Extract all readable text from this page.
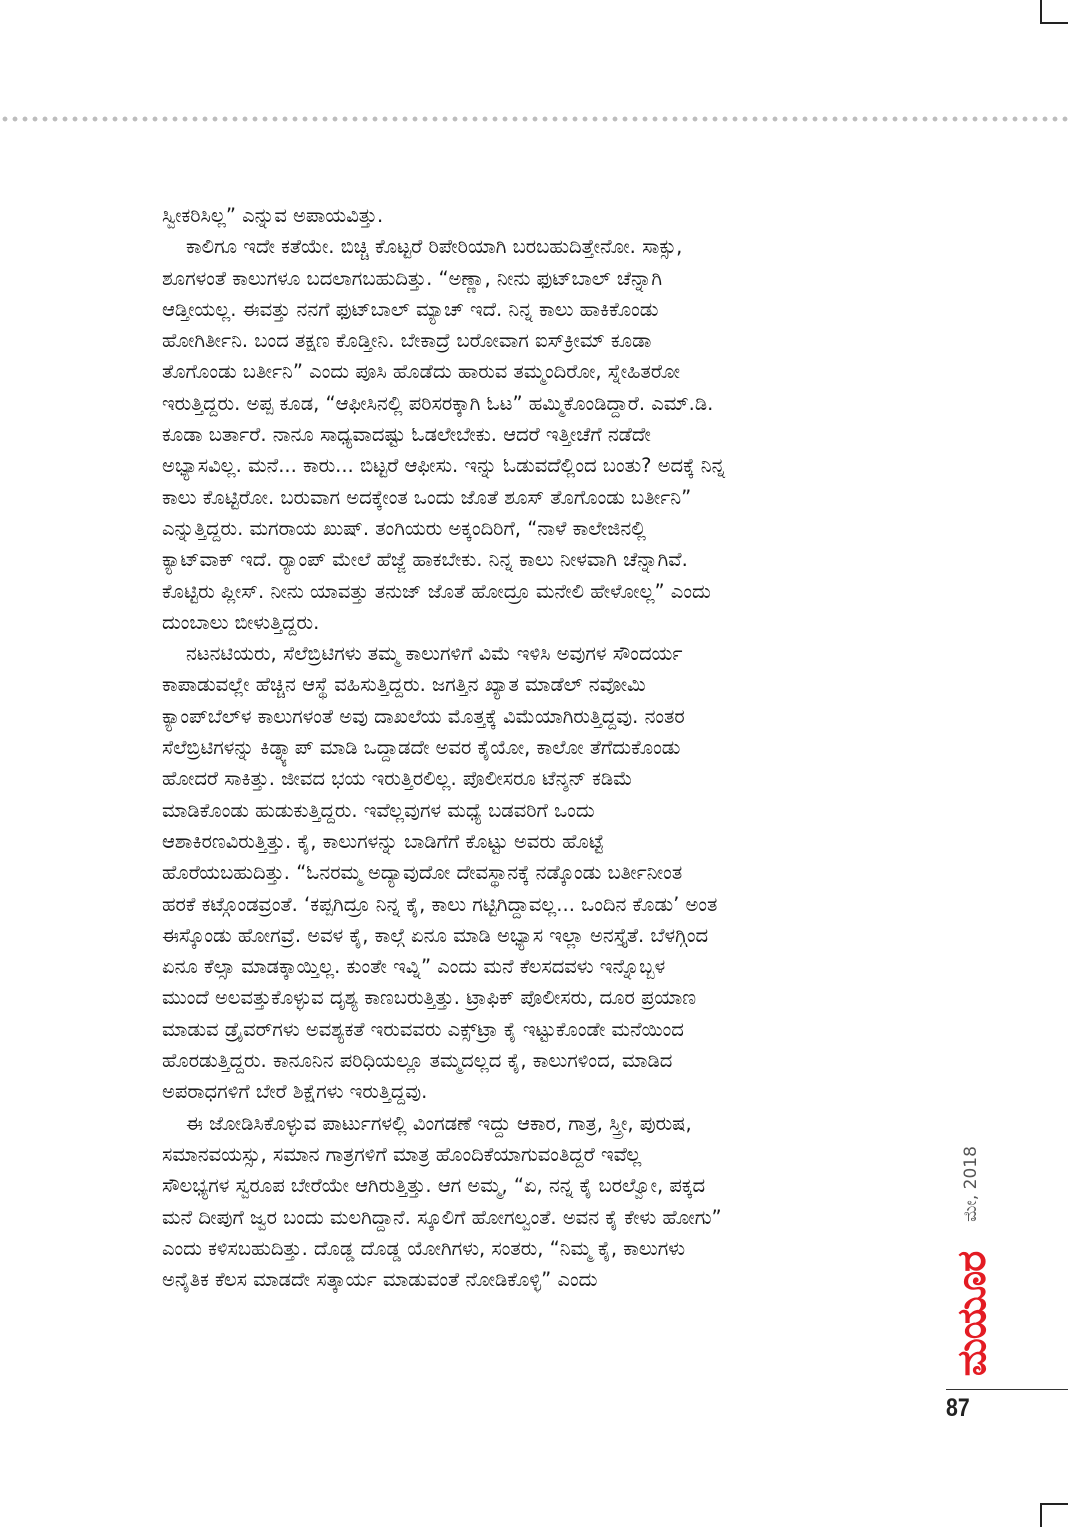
ಸ್ವೀಕರಿಸಿಲ್ಲ” ಎನ್ನುವ ಅಪಾಯವಿತ್ತು.
ಕಾಲಿಗೂ ಇದೇ ಕತೆಯೇ. ಬಿಚ್ಚಿ ಕೊಟ್ಟರೆ ರಿಪೇರಿಯಾಗಿ ಬರಬಹುದಿತ್ತೇನೋ. ಸಾಕ್ಸು,
ಶೂಗಳಂತೆ ಕಾಲುಗಳೂ ಬದಲಾಗಬಹುದಿತ್ತು. “ಅಣ್ಣಾ, ನೀನು ಫುಟ್‌ಬಾಲ್ ಚೆನ್ನಾಗಿ
ಆಡ್ತೀಯಲ್ಲ. ಈವತ್ತು ನನಗೆ ಫುಟ್‌ಬಾಲ್ ಮ್ಯಾಚ್ ಇದೆ. ನಿನ್ನ ಕಾಲು ಹಾಕಿಕೊಂಡು
ಹೋಗಿರ್ತೀನಿ. ಬಂದ ತಕ್ಷಣ ಕೊಡ್ತೀನಿ. ಬೇಕಾದ್ರೆ ಬರೋವಾಗ ಐಸ್‌ಕ್ರೀಮ್ ಕೂಡಾ
ತೊಗೊಂಡು ಬರ್ತೀನಿ” ಎಂದು ಪೂಸಿ ಹೊಡೆದು ಹಾರುವ ತಮ್ಮಂದಿರೋ, ಸ್ನೇಹಿತರೋ
ಇರುತ್ತಿದ್ದರು. ಅಪ್ಪ ಕೂಡ, “ಆಫೀಸಿನಲ್ಲಿ ಪರಿಸರಕ್ಕಾಗಿ ಓಟ” ಹಮ್ಮಿಕೊಂಡಿದ್ದಾರೆ. ಎಮ್.ಡಿ.
ಕೂಡಾ ಬರ್ತಾರೆ. ನಾನೂ ಸಾಧ್ಯವಾದಷ್ಟು ಓಡಲೇಬೇಕು. ಆದರೆ ಇತ್ತೀಚೆಗೆ ನಡೆದೇ
ಅಭ್ಯಾಸವಿಲ್ಲ. ಮನೆ... ಕಾರು... ಬಿಟ್ಟರೆ ಆಫೀಸು. ಇನ್ನು ಓಡುವದೆಲ್ಲಿಂದ ಬಂತು? ಅದಕ್ಕೆ ನಿನ್ನ
ಕಾಲು ಕೊಟ್ಟಿರೋ. ಬರುವಾಗ ಅದಕ್ಕೇಂತ ಒಂದು ಜೊತೆ ಶೂಸ್ ತೊಗೊಂಡು ಬರ್ತೀನಿ”
ಎನ್ನುತ್ತಿದ್ದರು. ಮಗರಾಯ ಖುಷ್. ತಂಗಿಯರು ಅಕ್ಕಂದಿರಿಗೆ, “ನಾಳೆ ಕಾಲೇಜಿನಲ್ಲಿ
ಕ್ಯಾಟ್‌ವಾಕ್ ಇದೆ. ರ್‍ಯಾಂಪ್ ಮೇಲೆ ಹೆಜ್ಜೆ ಹಾಕಬೇಕು. ನಿನ್ನ ಕಾಲು ನೀಳವಾಗಿ ಚೆನ್ನಾಗಿವೆ.
ಕೊಟ್ಟಿರು ಪ್ಲೀಸ್. ನೀನು ಯಾವತ್ತು ತನುಜ್ ಜೊತೆ ಹೋದ್ರೂ ಮನೇಲಿ ಹೇಳೋಲ್ಲ” ಎಂದು
ದುಂಬಾಲು ಬೀಳುತ್ತಿದ್ದರು.
ನಟನಟಿಯರು, ಸೆಲೆಬ್ರಿಟಿಗಳು ತಮ್ಮ ಕಾಲುಗಳಿಗೆ ವಿಮೆ ಇಳಿಸಿ ಅವುಗಳ ಸೌಂದರ್ಯ
ಕಾಪಾಡುವಲ್ಲೇ ಹೆಚ್ಚಿನ ಆಸ್ಥೆ ವಹಿಸುತ್ತಿದ್ದರು. ಜಗತ್ತಿನ ಖ್ಯಾತ ಮಾಡೆಲ್ ನವೋಮಿ
ಕ್ಯಾಂಪ್‌ಬೆಲ್‌ಳ ಕಾಲುಗಳಂತೆ ಅವು ದಾಖಲೆಯ ಮೊತ್ತಕ್ಕೆ ವಿಮೆಯಾಗಿರುತ್ತಿದ್ದವು. ನಂತರ
ಸೆಲೆಬ್ರಿಟಿಗಳನ್ನು ಕಿಡ್ನ್ಯಾಪ್ ಮಾಡಿ ಒದ್ದಾಡದೇ ಅವರ ಕೈಯೋ, ಕಾಲೋ ತೆಗೆದುಕೊಂಡು
ಹೋದರೆ ಸಾಕಿತ್ತು. ಜೀವದ ಭಯ ಇರುತ್ತಿರಲಿಲ್ಲ. ಪೊಲೀಸರೂ ಟೆನ್ಶನ್ ಕಡಿಮೆ
ಮಾಡಿಕೊಂಡು ಹುಡುಕುತ್ತಿದ್ದರು. ಇವೆಲ್ಲವುಗಳ ಮಧ್ಯೆ ಬಡವರಿಗೆ ಒಂದು
ಆಶಾಕಿರಣವಿರುತ್ತಿತ್ತು. ಕೈ, ಕಾಲುಗಳನ್ನು ಬಾಡಿಗೆಗೆ ಕೊಟ್ಟು ಅವರು ಹೊಟ್ಟೆ
ಹೊರೆಯಬಹುದಿತ್ತು. “ಓನರಮ್ಮ ಅದ್ಯಾವುದೋ ದೇವಸ್ಥಾನಕ್ಕೆ ನಡ್ಕೊಂಡು ಬರ್ತೀನೀಂತ
ಹರಕೆ ಕಟ್ಗೊಂಡವ್ರಂತೆ. ‘ಕಪ್ಪಗಿದ್ರೂ ನಿನ್ನ ಕೈ, ಕಾಲು ಗಟ್ಟಿಗಿದ್ದಾವಲ್ಲ... ಒಂದಿನ ಕೊಡು’ ಅಂತ
ಈಸ್ಕೊಂಡು ಹೋಗವ್ರೆ. ಅವಳ ಕೈ, ಕಾಲ್ಗೆ ಏನೂ ಮಾಡಿ ಅಭ್ಯಾಸ ಇಲ್ಲಾ ಅನಸ್ತೈತೆ. ಬೆಳಗ್ಗಿಂದ
ಏನೂ ಕೆಲ್ಸಾ ಮಾಡಕ್ಕಾಯ್ತಿಲ್ಲ. ಕುಂತೇ ಇವ್ನಿ” ಎಂದು ಮನೆ ಕೆಲಸದವಳು ಇನ್ನೊಬ್ಬಳ
ಮುಂದೆ ಅಲವತ್ತುಕೊಳ್ಳುವ ದೃಶ್ಯ ಕಾಣಬರುತ್ತಿತ್ತು. ಟ್ರಾಫಿಕ್ ಪೊಲೀಸರು, ದೂರ ಪ್ರಯಾಣ
ಮಾಡುವ ಡ್ರೈವರ್‌ಗಳು ಅವಶ್ಯಕತೆ ಇರುವವರು ಎಕ್ಸ್‌ಟ್ರಾ ಕೈ ಇಟ್ಟುಕೊಂಡೇ ಮನೆಯಿಂದ
ಹೊರಡುತ್ತಿದ್ದರು. ಕಾನೂನಿನ ಪರಿಧಿಯಲ್ಲೂ ತಮ್ಮದಲ್ಲದ ಕೈ, ಕಾಲುಗಳಿಂದ, ಮಾಡಿದ
ಅಪರಾಧಗಳಿಗೆ ಬೇರೆ ಶಿಕ್ಷೆಗಳು ಇರುತ್ತಿದ್ದವು.
ಈ ಜೋಡಿಸಿಕೊಳ್ಳುವ ಪಾರ್ಟುಗಳಲ್ಲಿ ವಿಂಗಡಣೆ ಇದ್ದು ಆಕಾರ, ಗಾತ್ರ, ಸ್ತ್ರೀ, ಪುರುಷ,
ಸಮಾನವಯಸ್ಸು, ಸಮಾನ ಗಾತ್ರಗಳಿಗೆ ಮಾತ್ರ ಹೊಂದಿಕೆಯಾಗುವಂತಿದ್ದರೆ ಇವೆಲ್ಲ
ಸೌಲಭ್ಯಗಳ ಸ್ವರೂಪ ಬೇರೆಯೇ ಆಗಿರುತ್ತಿತ್ತು. ಆಗ ಅಮ್ಮ, “ಏ, ನನ್ನ ಕೈ ಬರಲ್ವೋ, ಪಕ್ಕದ
ಮನೆ ದೀಪುಗೆ ಜ್ವರ ಬಂದು ಮಲಗಿದ್ದಾನೆ. ಸ್ಕೂಲಿಗೆ ಹೋಗಲ್ವಂತೆ. ಅವನ ಕೈ ಕೇಳು ಹೋಗು”
ಎಂದು ಕಳಿಸಬಹುದಿತ್ತು. ದೊಡ್ಡ ದೊಡ್ಡ ಯೋಗಿಗಳು, ಸಂತರು, “ನಿಮ್ಮ ಕೈ, ಕಾಲುಗಳು
ಅನೈತಿಕ ಕೆಲಸ ಮಾಡದೇ ಸತ್ಕಾರ್ಯ ಮಾಡುವಂತೆ ನೋಡಿಕೊಳ್ಳಿ” ಎಂದು
ಮೇ, 2018
ಮಯೂರ
87
